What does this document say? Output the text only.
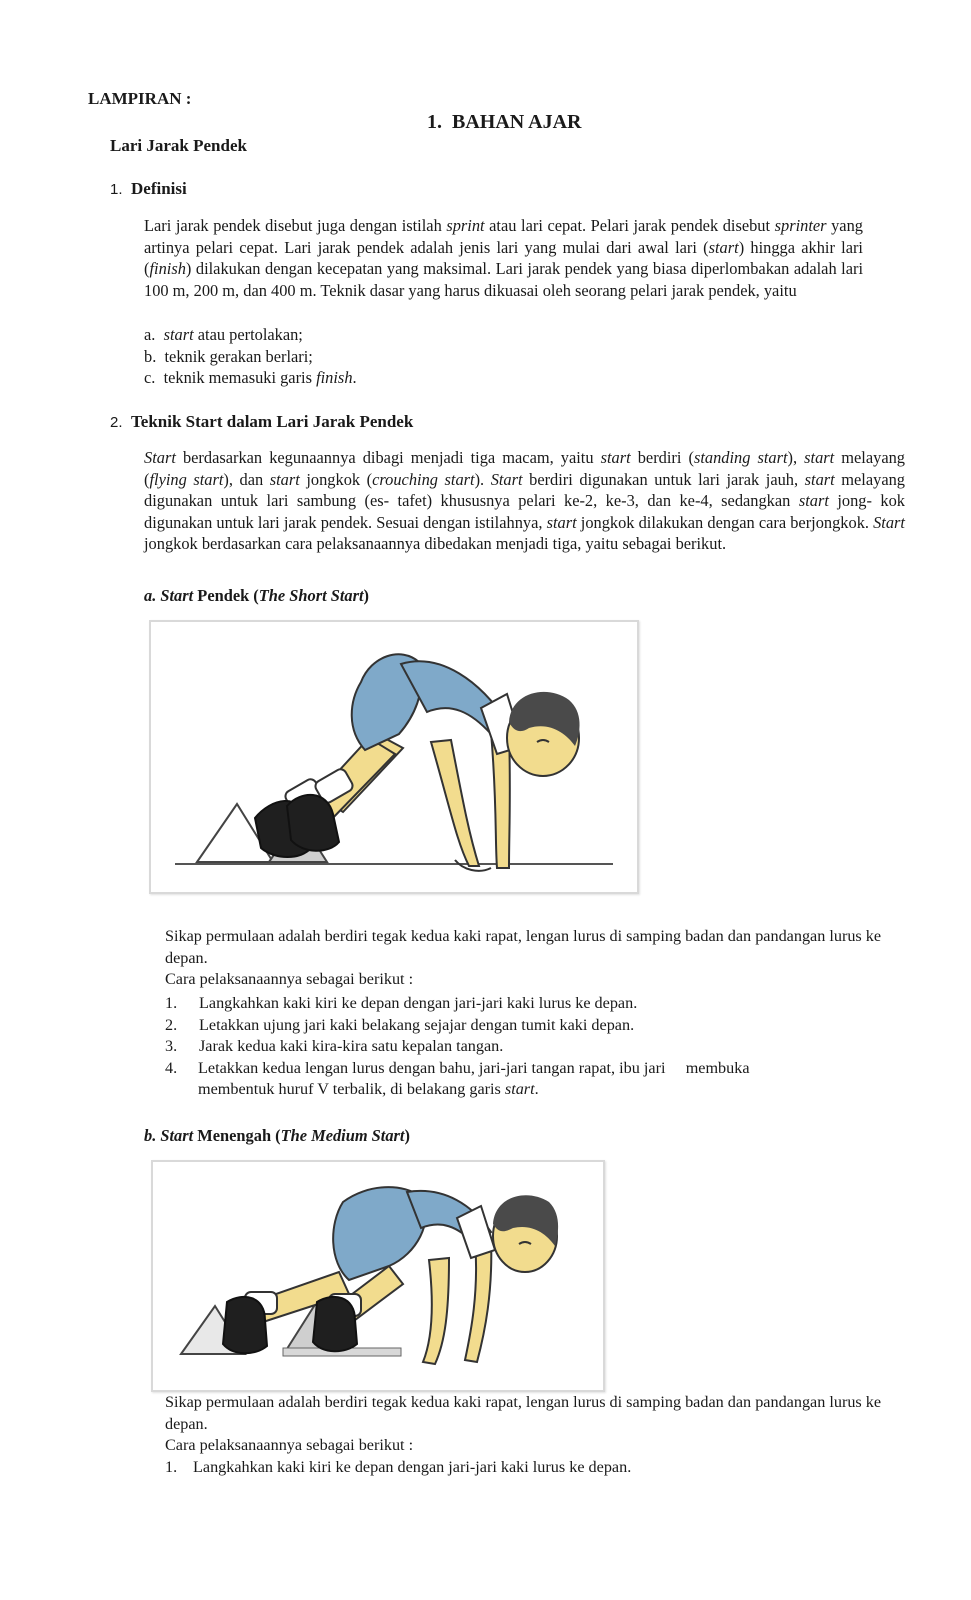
LAMPIRAN :
1. BAHAN AJAR
Lari Jarak Pendek
1. Definisi
Lari jarak pendek disebut juga dengan istilah sprint atau lari cepat. Pelari jarak pendek disebut sprinter yang artinya pelari cepat. Lari jarak pendek adalah jenis lari yang mulai dari awal lari (start) hingga akhir lari (finish) dilakukan dengan kecepatan yang maksimal. Lari jarak pendek yang biasa diperlombakan adalah lari 100 m, 200 m, dan 400 m. Teknik dasar yang harus dikuasai oleh seorang pelari jarak pendek, yaitu
a. start atau pertolakan;
b. teknik gerakan berlari;
c. teknik memasuki garis finish.
2. Teknik Start dalam Lari Jarak Pendek
Start berdasarkan kegunaannya dibagi menjadi tiga macam, yaitu start berdiri (standing start), start melayang (flying start), dan start jongkok (crouching start). Start berdiri digunakan untuk lari jarak jauh, start melayang digunakan untuk lari sambung (es- tafet) khususnya pelari ke-2, ke-3, dan ke-4, sedangkan start jong- kok digunakan untuk lari jarak pendek. Sesuai dengan istilahnya, start jongkok dilakukan dengan cara berjongkok. Start jongkok berdasarkan cara pelaksanaannya dibedakan menjadi tiga, yaitu sebagai berikut.
a. Start Pendek (The Short Start)
Sikap permulaan adalah berdiri tegak kedua kaki rapat, lengan lurus di samping badan dan pandangan lurus ke depan.
Cara pelaksanaannya sebagai berikut :
1. Langkahkan kaki kiri ke depan dengan jari-jari kaki lurus ke depan.
2. Letakkan ujung jari kaki belakang sejajar dengan tumit kaki depan.
3. Jarak kedua kaki kira-kira satu kepalan tangan.
4. Letakkan kedua lengan lurus dengan bahu, jari-jari tangan rapat, ibu jari     membuka
membentuk huruf V terbalik, di belakang garis start.
b. Start Menengah (The Medium Start)
Sikap permulaan adalah berdiri tegak kedua kaki rapat, lengan lurus di samping badan dan pandangan lurus ke depan.
Cara pelaksanaannya sebagai berikut :
1. Langkahkan kaki kiri ke depan dengan jari-jari kaki lurus ke depan.
